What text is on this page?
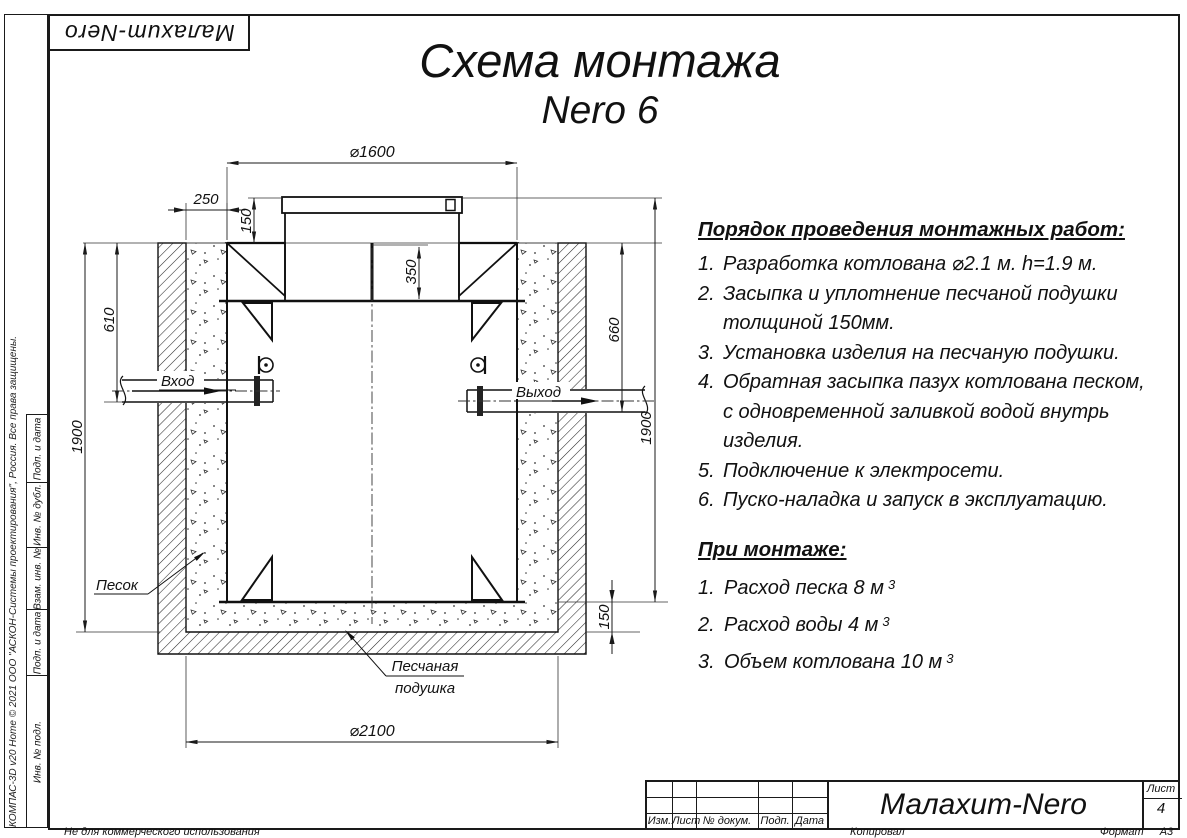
КОМПАС-3D v20 Home © 2021 ООО "АСКОН-Системы проектирования", Россия. Все права защищены.	Подп. и дата
Инв. № дубл.
Взам. инв. №
Подп. и дата
Инв. № подл.
Малахит-Nero
Схема монтажа
Nero 6
⌀1600
250
150
350
610
1900
660
1900
150
⌀2100
Вход
Выход
Песок
Песчаная
подушка
Порядок проведения монтажных работ:
1. Разработка котлована ⌀2.1 м. h=1.9 м.
2. Засыпка и уплотнение песчаной подушки
толщиной 150мм.
3. Установка изделия на песчаную подушки.
4. Обратная засыпка пазух котлована песком,
с одновременной заливкой водой внутрь
изделия.
5. Подключение к электросети.
6. Пуско-наладка и запуск в эксплуатацию.
При монтаже:
1. Расход песка 8 м $^3$
2. Расход воды 4 м $^3$
3. Объем котлована 10 м $^3$
Изм. Лист № докум. Подп. Дата	Малахит-Nero	Лист
4
Не для коммерческого использования	Копировал	Формат А3
